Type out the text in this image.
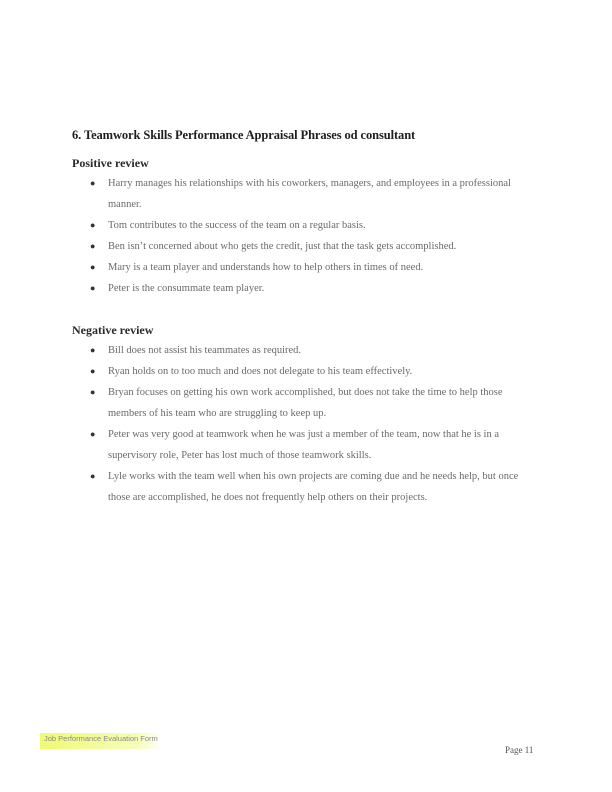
6. Teamwork Skills Performance Appraisal Phrases od consultant
Positive review
● Harry manages his relationships with his coworkers, managers, and employees in a professional manner.
● Tom contributes to the success of the team on a regular basis.
● Ben isn’t concerned about who gets the credit, just that the task gets accomplished.
● Mary is a team player and understands how to help others in times of need.
● Peter is the consummate team player.
Negative review
● Bill does not assist his teammates as required.
● Ryan holds on to too much and does not delegate to his team effectively.
● Bryan focuses on getting his own work accomplished, but does not take the time to help those members of his team who are struggling to keep up.
● Peter was very good at teamwork when he was just a member of the team, now that he is in a supervisory role, Peter has lost much of those teamwork skills.
● Lyle works with the team well when his own projects are coming due and he needs help, but once those are accomplished, he does not frequently help others on their projects.
Job Performance Evaluation Form
Page 11
